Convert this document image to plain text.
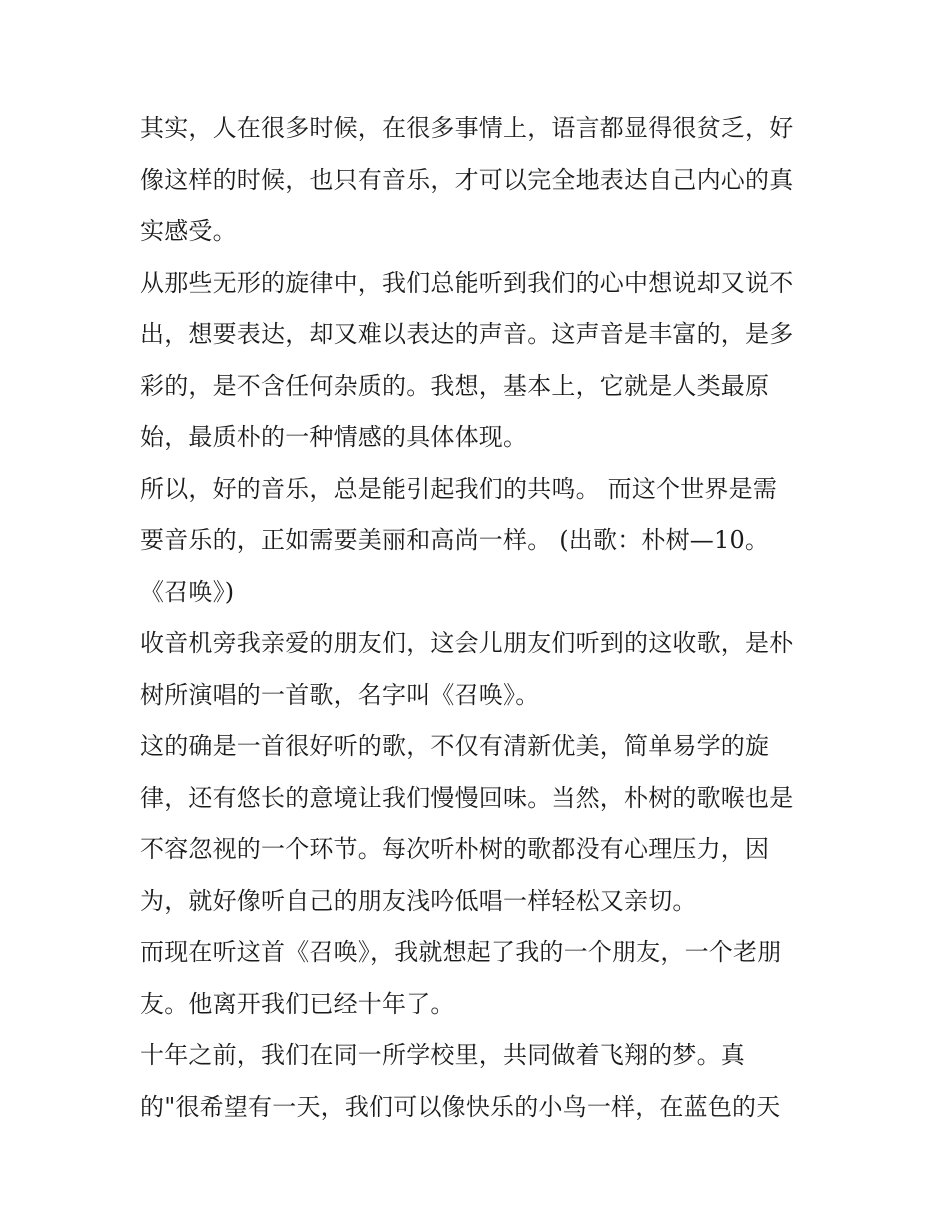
其实，人在很多时候，在很多事情上，语言都显得很贫乏，好
像这样的时候，也只有音乐，才可以完全地表达自己内心的真
实感受。
从那些无形的旋律中，我们总能听到我们的心中想说却又说不
出，想要表达，却又难以表达的声音。这声音是丰富的，是多
彩的，是不含任何杂质的。我想，基本上，它就是人类最原
始，最质朴的一种情感的具体体现。
所以，好的音乐，总是能引起我们的共鸣。 而这个世界是需
要音乐的，正如需要美丽和高尚一样。 (出歌：朴树—10。
《召唤》)
收音机旁我亲爱的朋友们，这会儿朋友们听到的这收歌，是朴
树所演唱的一首歌，名字叫《召唤》。
这的确是一首很好听的歌，不仅有清新优美，简单易学的旋
律，还有悠长的意境让我们慢慢回味。当然，朴树的歌喉也是
不容忽视的一个环节。每次听朴树的歌都没有心理压力，因
为，就好像听自己的朋友浅吟低唱一样轻松又亲切。
而现在听这首《召唤》，我就想起了我的一个朋友，一个老朋
友。他离开我们已经十年了。
十年之前，我们在同一所学校里，共同做着飞翔的梦。真
的"很希望有一天，我们可以像快乐的小鸟一样，在蓝色的天
